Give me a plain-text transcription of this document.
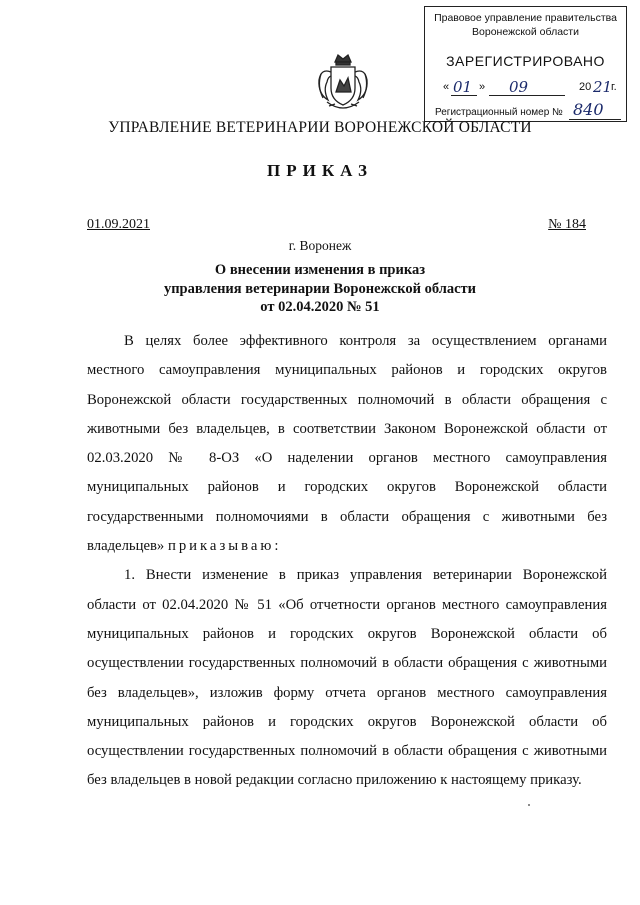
Правовое управление правительства
Воронежской области
ЗАРЕГИСТРИРОВАНО
« 01 » 09	20 21
г.
Регистрационный номер № 840
УПРАВЛЕНИЕ ВЕТЕРИНАРИИ ВОРОНЕЖСКОЙ ОБЛАСТИ
ПРИКАЗ
01.09.2021	№ 184
г. Воронеж
О внесении изменения в приказ
управления ветеринарии Воронежской области
от 02.04.2020 № 51

В целях более эффективного контроля за осуществлением органами местного самоуправления муниципальных районов и городских округов Воронежской области государственных полномочий в области обращения с животными без владельцев, в соответствии Законом Воронежской области от 02.03.2020 № 8-ОЗ «О наделении органов местного самоуправления муниципальных районов и городских округов Воронежской области государственными полномочиями в области обращения с животными без владельцев» приказываю:

1. Внести изменение в приказ управления ветеринарии Воронежской области от 02.04.2020 № 51 «Об отчетности органов местного самоуправления муниципальных районов и городских округов Воронежской области об осуществлении государственных полномочий в области обращения с животными без владельцев», изложив форму отчета органов местного самоуправления муниципальных районов и городских округов Воронежской области об осуществлении государственных полномочий в области обращения с животными без владельцев в новой редакции согласно приложению к настоящему приказу.
